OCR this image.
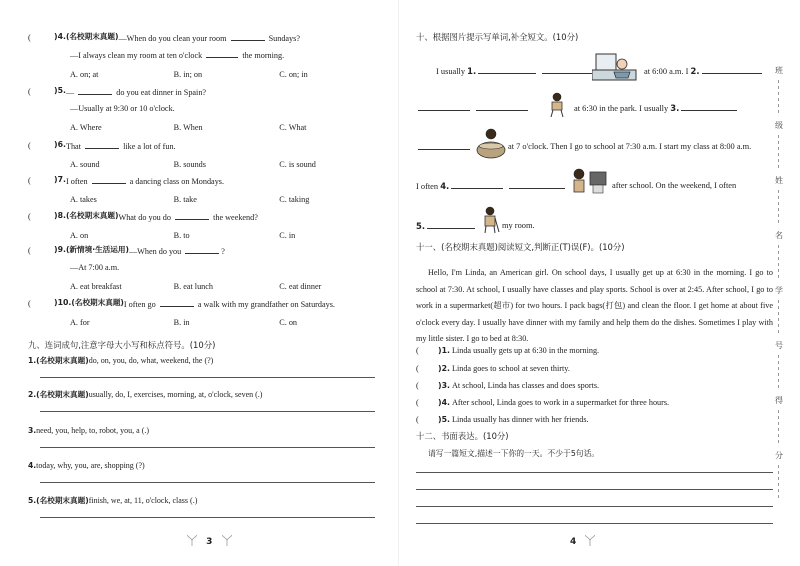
(	)4. (名校期末真题) —When do you clean your room	Sundays?
—I always clean my room at ten o'clock	the morning.
A. on; at	B. in; on	C. on; in
(	)5. —	do you eat dinner in Spain?
—Usually at 9:30 or 10 o'clock.
A. Where	B. When	C. What
(	)6. That	like a lot of fun.
A. sound	B. sounds	C. is sound
(	)7. I often	a dancing class on Mondays.
A. takes	B. take	C. taking
(	)8. (名校期末真题) What do you do	the weekend?
A. on	B. to	C. in
(	)9. (新情境·生活运用) —When do you	?
—At 7:00 a.m.
A. eat breakfast	B. eat lunch	C. eat dinner
(	)10. (名校期末真题) I often go	a walk with my grandfather on Saturdays.
A. for	B. in	C. on
九、连词成句,注意字母大小写和标点符号。(10分)
1.(名校期末真题)do, on, you, do, what, weekend, the (?)
2.(名校期末真题)usually, do, I, exercises, morning, at, o'clock, seven (.)
3.need, you, help, to, robot, you, a (.)
4.today, why, you, are, shopping (?)
5.(名校期末真题)finish, we, at, 11, o'clock, class (.)
3
十、根据图片提示写单词,补全短文。(10分)
I usually 1.	at 6:00 a.m. I 2.

at 6:30 in the park. I usually 3.
at 7 o'clock. Then I go to school at 7:30 a.m. I start my class at 8:00 a.m.
I often 4.	after school. On the weekend, I often
5.	my room.
十一、(名校期末真题)阅读短文,判断正(T)误(F)。(10分)

Hello, I'm Linda, an American girl. On school days, I usually get up at 6:30 in the morning. I go to school at 7:30. At school, I usually have classes and play sports. School is over at 2:45. After school, I go to work in a supermarket(超市) for two hours. I pack bags(打包) and clean the floor. I get home at about five o'clock every day. I usually have dinner with my family and help them do the dishes. Sometimes I play with my little sister. I go to bed at 8:30.

( )1. Linda usually gets up at 6:30 in the morning.
( )2. Linda goes to school at seven thirty.
( )3. At school, Linda has classes and does sports.
( )4. After school, Linda goes to work in a supermarket for three hours.
( )5. Linda usually has dinner with her friends.
十二、书面表达。(10分)
请写一篇短文,描述一下你的一天。不少于5句话。
4
班
级
姓
名
学
号
得
分
